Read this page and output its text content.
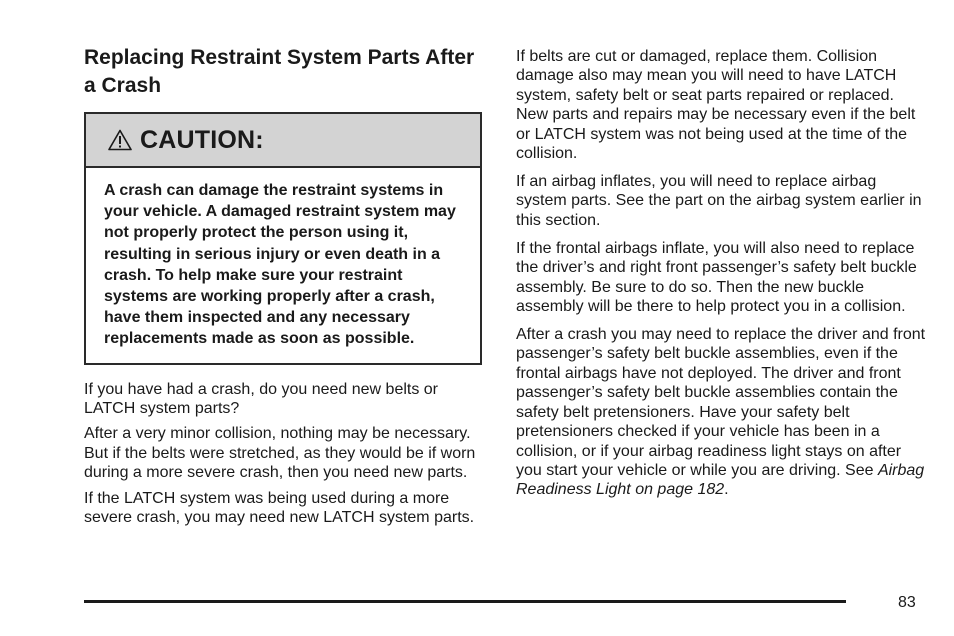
Replacing Restraint System Parts After a Crash
CAUTION:
A crash can damage the restraint systems in your vehicle. A damaged restraint system may not properly protect the person using it, resulting in serious injury or even death in a crash. To help make sure your restraint systems are working properly after a crash, have them inspected and any necessary replacements made as soon as possible.

If you have had a crash, do you need new belts or LATCH system parts?

After a very minor collision, nothing may be necessary. But if the belts were stretched, as they would be if worn during a more severe crash, then you need new parts.

If the LATCH system was being used during a more severe crash, you may need new LATCH system parts.

If belts are cut or damaged, replace them. Collision damage also may mean you will need to have LATCH system, safety belt or seat parts repaired or replaced. New parts and repairs may be necessary even if the belt or LATCH system was not being used at the time of the collision.

If an airbag inflates, you will need to replace airbag system parts. See the part on the airbag system earlier in this section.

If the frontal airbags inflate, you will also need to replace the driver’s and right front passenger’s safety belt buckle assembly. Be sure to do so. Then the new buckle assembly will be there to help protect you in a collision.

After a crash you may need to replace the driver and front passenger’s safety belt buckle assemblies, even if the frontal airbags have not deployed. The driver and front passenger’s safety belt buckle assemblies contain the safety belt pretensioners. Have your safety belt pretensioners checked if your vehicle has been in a collision, or if your airbag readiness light stays on after you start your vehicle or while you are driving. See Airbag Readiness Light on page 182.

83
